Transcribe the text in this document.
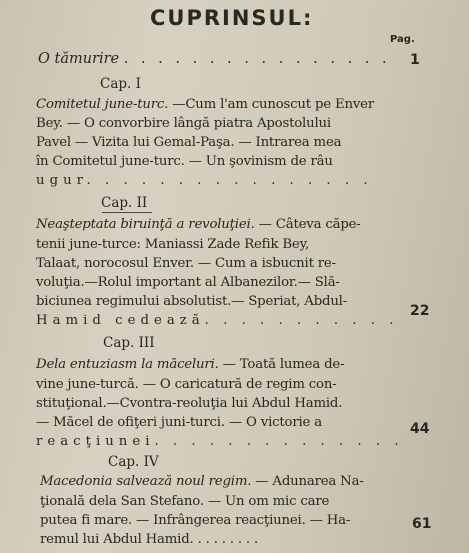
CUPRINSUL:
Pag.
O tămurire . . . . . . . . . . . . . . . . 1
Cap. I
Comitetul june-turc. —Cum l'am cunoscut pe Enver
Bey. — O convorbire lângă piatra Apostolului
Pavel — Vizita lui Gemal-Paşa. — Intrarea mea
în Comitetul june-turc. — Un şovinism de râu
ugur. . . . . . . . . . . . . . . .
Cap. II
Neaşteptata biruinţă a revoluţiei. — Câteva căpe-
tenii june-turce: Maniassi Zade Refik Bey,
Talaat, norocosul Enver. — Cum a isbucnit re-
voluţia.—Rolul important al Albanezilor.— Slă-
biciunea regimului absolutist.— Speriat, Abdul-
Hamid cedează. . . . . . . . . . .
22
Cap. III
Dela entuziasm la măceluri. — Toată lumea de-
vine june-turcă. — O caricatură de regim con-
stituţional.—Cvontra-reoluţia lui Abdul Hamid.
— Măcel de ofiţeri juni-turci. — O victorie a
reacţiunei. . . . . . . . . . . . . .
44
Cap. IV
Macedonia salvează noul regim. — Adunarea Na-
ţională dela San Stefano. — Un om mic care
putea fi mare. — Infrângerea reacţiunei. — Ha-
remul lui Abdul Hamid. . . . . . . . .
61
